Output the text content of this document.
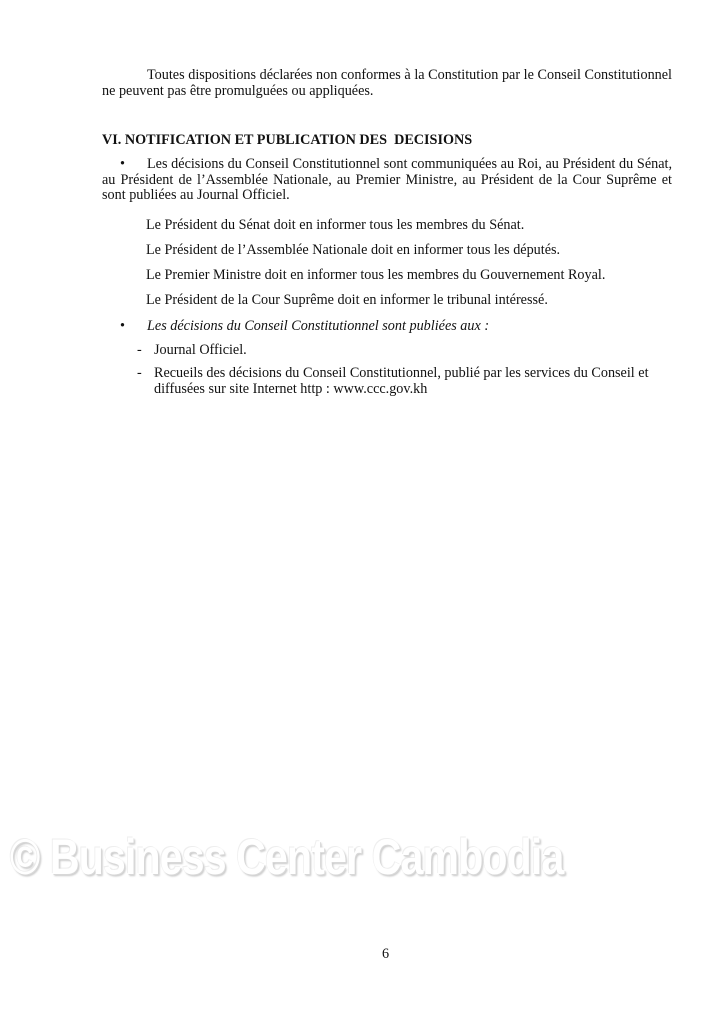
Toutes dispositions déclarées non conformes à la Constitution par le Conseil Constitutionnel ne peuvent pas être promulguées ou appliquées.

VI. NOTIFICATION ET PUBLICATION DES  DECISIONS

•	Les décisions du Conseil Constitutionnel sont communiquées au Roi, au Président du Sénat, au Président de l’Assemblée Nationale, au Premier Ministre, au Président de la Cour Suprême et sont publiées au Journal Officiel.

Le Président du Sénat doit en informer tous les membres du Sénat.

Le Président de l’Assemblée Nationale doit en informer tous les députés.

Le Premier Ministre doit en informer tous les membres du Gouvernement Royal.

Le Président de la Cour Suprême doit en informer le tribunal intéressé.

• Les décisions du Conseil Constitutionnel sont publiées aux :
- Journal Officiel.
- Recueils des décisions du Conseil Constitutionnel, publié par les services du Conseil et diffusées sur site Internet http : www.ccc.gov.kh
© Business Center Cambodia
6
